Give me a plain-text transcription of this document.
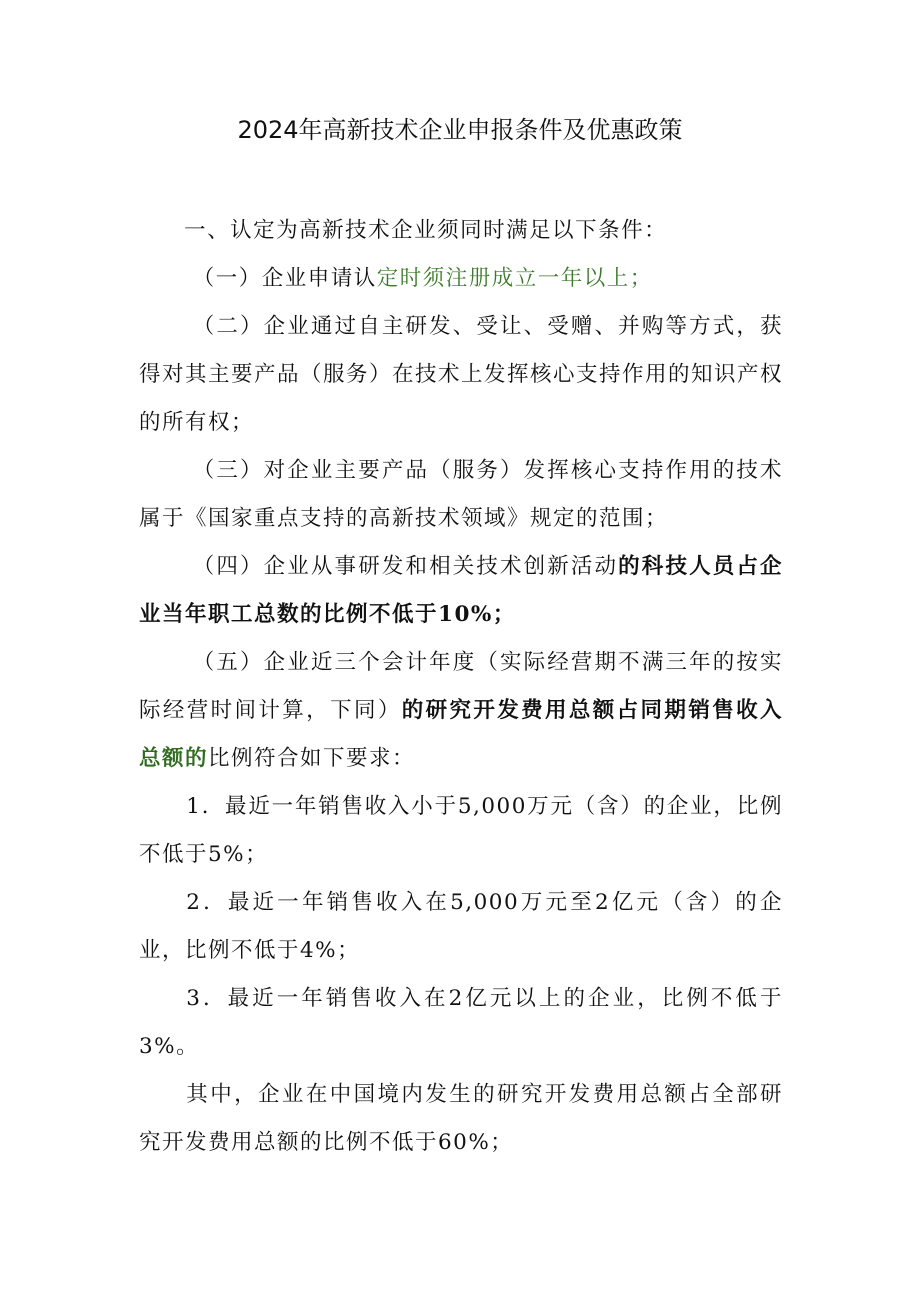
2024年高新技术企业申报条件及优惠政策

一、认定为高新技术企业须同时满足以下条件：

（一）企业申请认定时须注册成立一年以上；

（二）企业通过自主研发、受让、受赠、并购等方式，获得对其主要产品（服务）在技术上发挥核心支持作用的知识产权的所有权；

（三）对企业主要产品（服务）发挥核心支持作用的技术属于《国家重点支持的高新技术领域》规定的范围；

（四）企业从事研发和相关技术创新活动的科技人员占企业当年职工总数的比例不低于10%；

（五）企业近三个会计年度（实际经营期不满三年的按实际经营时间计算，下同）的研究开发费用总额占同期销售收入总额的比例符合如下要求：

1．最近一年销售收入小于5,000万元（含）的企业，比例不低于5%；

2．最近一年销售收入在5,000万元至2亿元（含）的企业，比例不低于4%；

3．最近一年销售收入在2亿元以上的企业，比例不低于3%。

其中，企业在中国境内发生的研究开发费用总额占全部研究开发费用总额的比例不低于60%；
